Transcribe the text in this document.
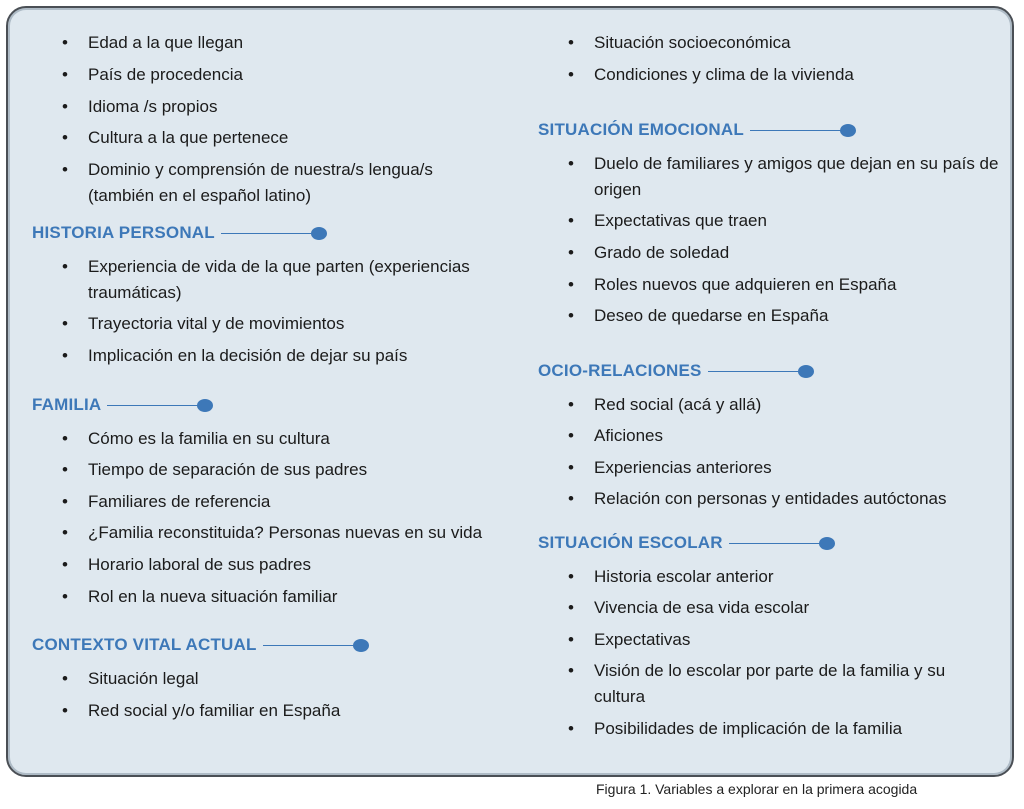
• Edad a la que llegan
• País de procedencia
• Idioma /s propios
• Cultura a la que pertenece
• Dominio y comprensión de nuestra/s lengua/s
(también en el español latino)
HISTORIA PERSONAL
• Experiencia de vida de la que parten (experiencias
traumáticas)
• Trayectoria vital y de movimientos
• Implicación en la decisión de dejar su país
FAMILIA
• Cómo es la familia en su cultura
• Tiempo de separación de sus padres
• Familiares de referencia
• ¿Familia reconstituida? Personas nuevas en su vida
• Horario laboral de sus padres
• Rol en la nueva situación familiar
CONTEXTO VITAL ACTUAL
• Situación legal
• Red social y/o familiar en España
• Situación socioeconómica
• Condiciones y clima de la vivienda
SITUACIÓN EMOCIONAL
• Duelo de familiares y amigos que dejan en su país de
origen
• Expectativas que traen
• Grado de soledad
• Roles nuevos que adquieren en España
• Deseo de quedarse en España
OCIO-RELACIONES
• Red social (acá y allá)
• Aficiones
• Experiencias anteriores
• Relación con personas y entidades autóctonas
SITUACIÓN ESCOLAR
• Historia escolar anterior
• Vivencia de esa vida escolar
• Expectativas
• Visión de lo escolar por parte de la familia y su
cultura
• Posibilidades de implicación de la familia
Figura 1. Variables a explorar en la primera acogida
